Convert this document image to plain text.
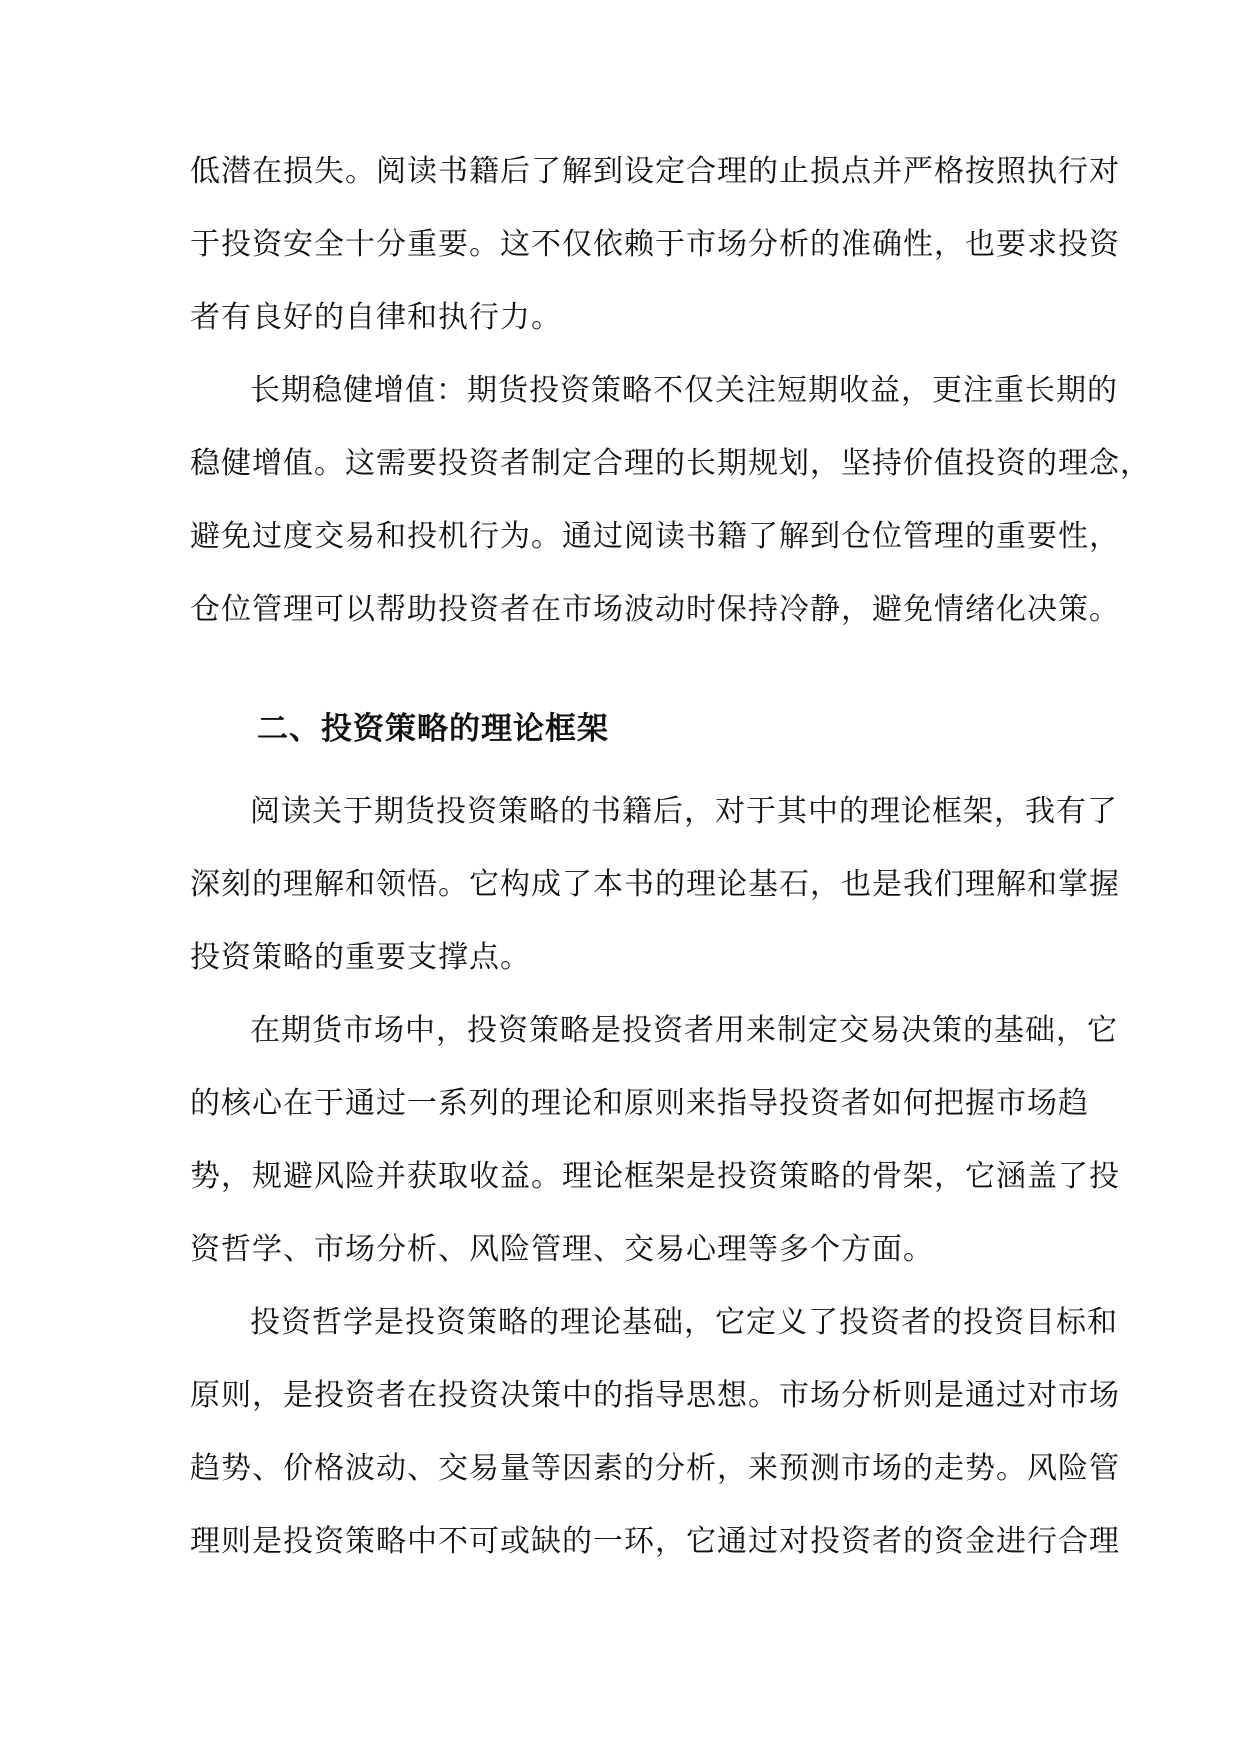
低潜在损失。阅读书籍后了解到设定合理的止损点并严格按照执行对
于投资安全十分重要。这不仅依赖于市场分析的准确性，也要求投资
者有良好的自律和执行力。
长期稳健增值：期货投资策略不仅关注短期收益，更注重长期的
稳健增值。这需要投资者制定合理的长期规划，坚持价值投资的理念，
避免过度交易和投机行为。通过阅读书籍了解到仓位管理的重要性，
仓位管理可以帮助投资者在市场波动时保持冷静，避免情绪化决策。
二、投资策略的理论框架
阅读关于期货投资策略的书籍后，对于其中的理论框架，我有了
深刻的理解和领悟。它构成了本书的理论基石，也是我们理解和掌握
投资策略的重要支撑点。
在期货市场中，投资策略是投资者用来制定交易决策的基础，它
的核心在于通过一系列的理论和原则来指导投资者如何把握市场趋
势，规避风险并获取收益。理论框架是投资策略的骨架，它涵盖了投
资哲学、市场分析、风险管理、交易心理等多个方面。
投资哲学是投资策略的理论基础，它定义了投资者的投资目标和
原则，是投资者在投资决策中的指导思想。市场分析则是通过对市场
趋势、价格波动、交易量等因素的分析，来预测市场的走势。风险管
理则是投资策略中不可或缺的一环，它通过对投资者的资金进行合理
